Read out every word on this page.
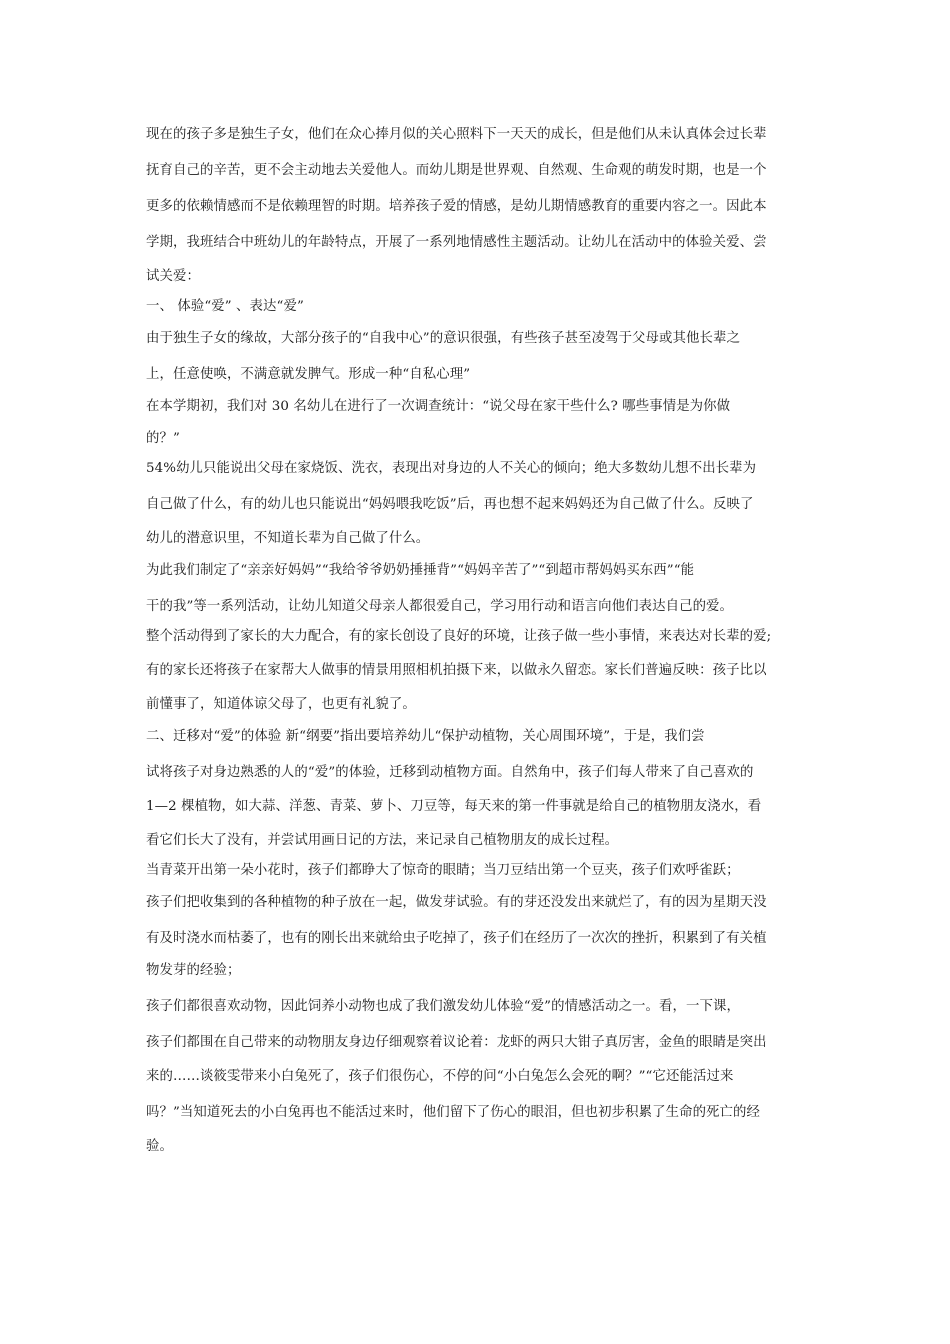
现在的孩子多是独生子女，他们在众心捧月似的关心照料下一天天的成长，但是他们从未认真体会过长辈
抚育自己的辛苦，更不会主动地去关爱他人。而幼儿期是世界观、自然观、生命观的萌发时期，也是一个
更多的依赖情感而不是依赖理智的时期。培养孩子爱的情感，是幼儿期情感教育的重要内容之一。因此本
学期，我班结合中班幼儿的年龄特点，开展了一系列地情感性主题活动。让幼儿在活动中的体验关爱、尝
试关爱：
一、 体验“爱” 、表达“爱”
由于独生子女的缘故，大部分孩子的“自我中心”的意识很强，有些孩子甚至凌驾于父母或其他长辈之
上，任意使唤，不满意就发脾气。形成一种“自私心理”
在本学期初，我们对 30 名幼儿在进行了一次调查统计：“说父母在家干些什么? 哪些事情是为你做
的？”
54%幼儿只能说出父母在家烧饭、洗衣，表现出对身边的人不关心的倾向；绝大多数幼儿想不出长辈为
自己做了什么，有的幼儿也只能说出“妈妈喂我吃饭”后，再也想不起来妈妈还为自己做了什么。反映了
幼儿的潜意识里，不知道长辈为自己做了什么。
为此我们制定了“亲亲好妈妈”“我给爷爷奶奶捶捶背”“妈妈辛苦了”“到超市帮妈妈买东西”“能
干的我”等一系列活动，让幼儿知道父母亲人都很爱自己，学习用行动和语言向他们表达自己的爱。
整个活动得到了家长的大力配合，有的家长创设了良好的环境，让孩子做一些小事情，来表达对长辈的爱;
有的家长还将孩子在家帮大人做事的情景用照相机拍摄下来，以做永久留恋。家长们普遍反映：孩子比以
前懂事了，知道体谅父母了，也更有礼貌了。
二、迁移对“爱”的体验 新“纲要”指出要培养幼儿“保护动植物，关心周围环境”，于是，我们尝
试将孩子对身边熟悉的人的“爱”的体验，迁移到动植物方面。自然角中，孩子们每人带来了自己喜欢的
1—2 棵植物，如大蒜、洋葱、青菜、萝卜、刀豆等，每天来的第一件事就是给自己的植物朋友浇水，看
看它们长大了没有，并尝试用画日记的方法，来记录自己植物朋友的成长过程。
当青菜开出第一朵小花时，孩子们都睁大了惊奇的眼睛；当刀豆结出第一个豆夹，孩子们欢呼雀跃；
孩子们把收集到的各种植物的种子放在一起，做发芽试验。有的芽还没发出来就烂了，有的因为星期天没
有及时浇水而枯萎了，也有的刚长出来就给虫子吃掉了，孩子们在经历了一次次的挫折，积累到了有关植
物发芽的经验；
孩子们都很喜欢动物，因此饲养小动物也成了我们激发幼儿体验“爱”的情感活动之一。看，一下课，
孩子们都围在自己带来的动物朋友身边仔细观察着议论着：龙虾的两只大钳子真厉害，金鱼的眼睛是突出
来的……谈筱雯带来小白兔死了，孩子们很伤心，不停的问“小白兔怎么会死的啊？”“它还能活过来
吗？”当知道死去的小白兔再也不能活过来时，他们留下了伤心的眼泪，但也初步积累了生命的死亡的经
验。
